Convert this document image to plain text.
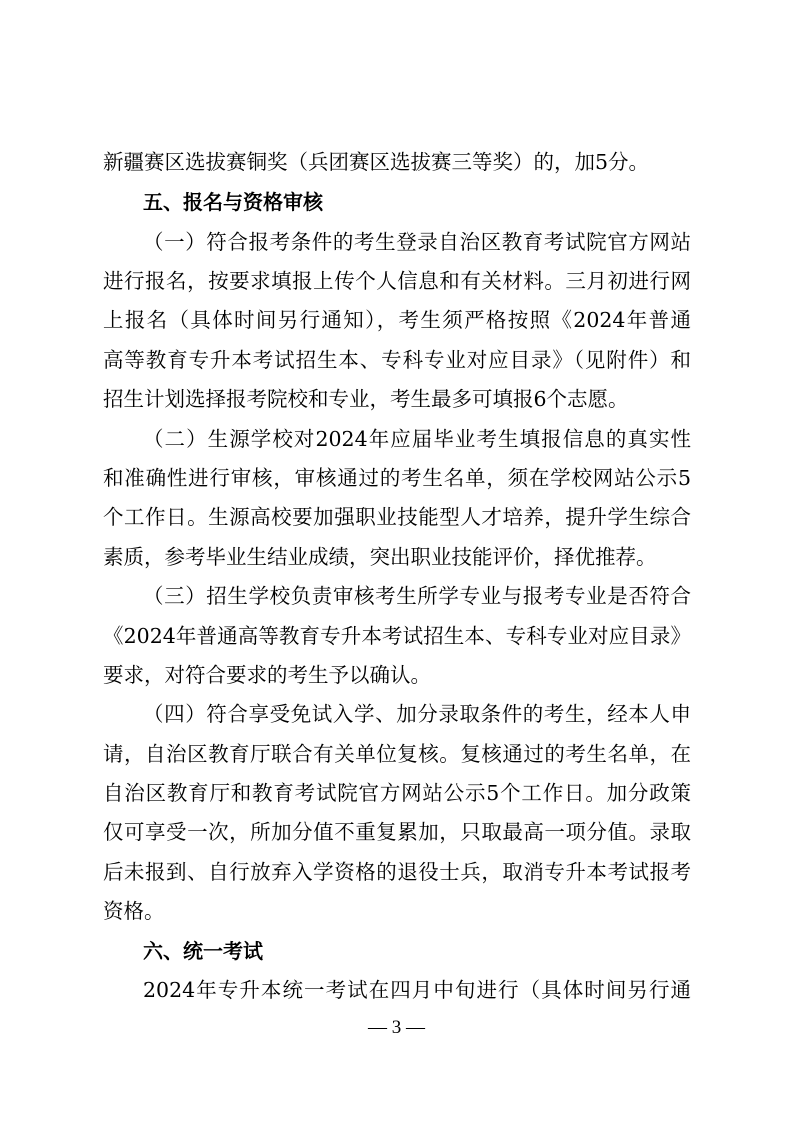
新疆赛区选拔赛铜奖（兵团赛区选拔赛三等奖）的，加5分。
五、报名与资格审核
（一）符合报考条件的考生登录自治区教育考试院官方网站
进行报名，按要求填报上传个人信息和有关材料。三月初进行网
上报名（具体时间另行通知），考生须严格按照《2024年普通
高等教育专升本考试招生本、专科专业对应目录》（见附件）和
招生计划选择报考院校和专业，考生最多可填报6个志愿。
（二）生源学校对2024年应届毕业考生填报信息的真实性
和准确性进行审核，审核通过的考生名单，须在学校网站公示5
个工作日。生源高校要加强职业技能型人才培养，提升学生综合
素质，参考毕业生结业成绩，突出职业技能评价，择优推荐。
（三）招生学校负责审核考生所学专业与报考专业是否符合
《2024年普通高等教育专升本考试招生本、专科专业对应目录》
要求，对符合要求的考生予以确认。
（四）符合享受免试入学、加分录取条件的考生，经本人申
请，自治区教育厅联合有关单位复核。复核通过的考生名单，在
自治区教育厅和教育考试院官方网站公示5个工作日。加分政策
仅可享受一次，所加分值不重复累加，只取最高一项分值。录取
后未报到、自行放弃入学资格的退役士兵，取消专升本考试报考
资格。
六、统一考试
2024年专升本统一考试在四月中旬进行（具体时间另行通
— 3 —
